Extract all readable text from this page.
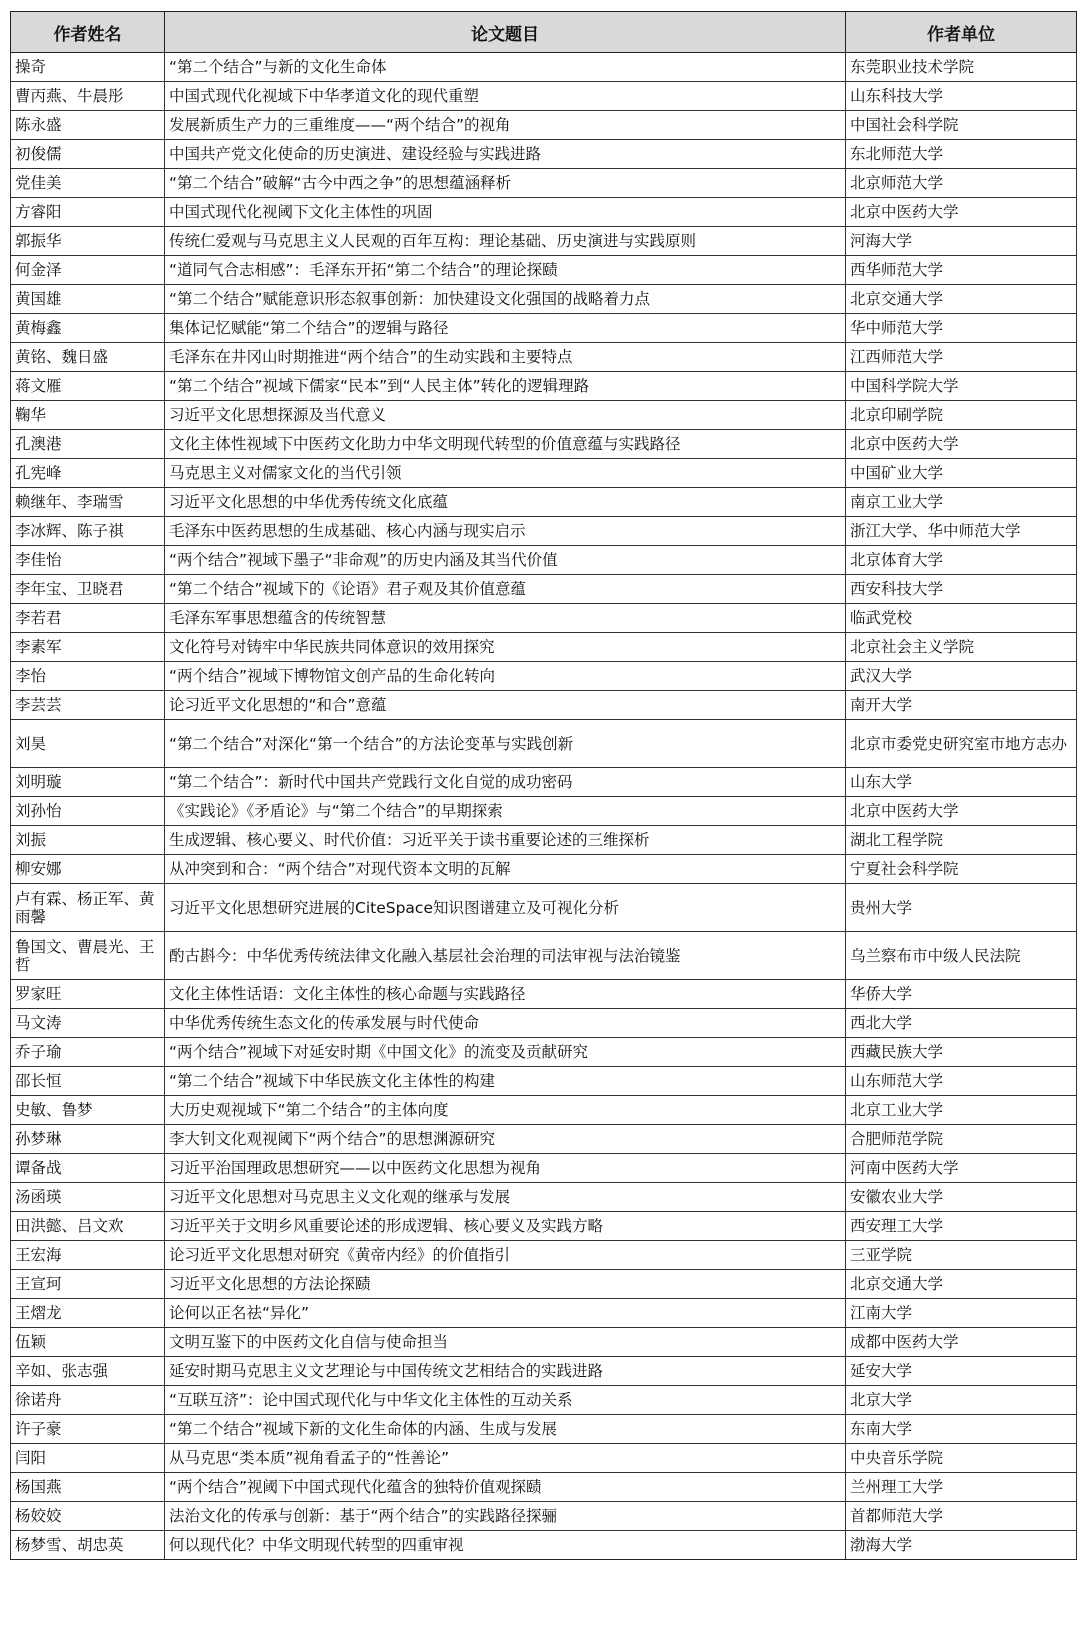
作者姓名	论文题目	作者单位
操奇	“第二个结合”与新的文化生命体	东莞职业技术学院
曹丙燕、牛晨彤	中国式现代化视域下中华孝道文化的现代重塑	山东科技大学
陈永盛	发展新质生产力的三重维度——“两个结合”的视角	中国社会科学院
初俊儒	中国共产党文化使命的历史演进、建设经验与实践进路	东北师范大学
党佳美	“第二个结合”破解“古今中西之争”的思想蕴涵释析	北京师范大学
方睿阳	中国式现代化视阈下文化主体性的巩固	北京中医药大学
郭振华	传统仁爱观与马克思主义人民观的百年互构：理论基础、历史演进与实践原则	河海大学
何金泽	“道同气合志相感”：毛泽东开拓“第二个结合”的理论探赜	西华师范大学
黄国雄	“第二个结合”赋能意识形态叙事创新：加快建设文化强国的战略着力点	北京交通大学
黄梅鑫	集体记忆赋能“第二个结合”的逻辑与路径	华中师范大学
黄铭、魏日盛	毛泽东在井冈山时期推进“两个结合”的生动实践和主要特点	江西师范大学
蒋文雁	“第二个结合”视域下儒家“民本”到“人民主体”转化的逻辑理路	中国科学院大学
鞠华	习近平文化思想探源及当代意义	北京印刷学院
孔澳港	文化主体性视域下中医药文化助力中华文明现代转型的价值意蕴与实践路径	北京中医药大学
孔宪峰	马克思主义对儒家文化的当代引领	中国矿业大学
赖继年、李瑞雪	习近平文化思想的中华优秀传统文化底蕴	南京工业大学
李冰辉、陈子祺	毛泽东中医药思想的生成基础、核心内涵与现实启示	浙江大学、华中师范大学
李佳怡	“两个结合”视域下墨子“非命观”的历史内涵及其当代价值	北京体育大学
李年宝、卫晓君	“第二个结合”视域下的《论语》君子观及其价值意蕴	西安科技大学
李若君	毛泽东军事思想蕴含的传统智慧	临武党校
李素军	文化符号对铸牢中华民族共同体意识的效用探究	北京社会主义学院
李怡	“两个结合”视域下博物馆文创产品的生命化转向	武汉大学
李芸芸	论习近平文化思想的“和合”意蕴	南开大学

刘昊	“第二个结合”对深化“第一个结合”的方法论变革与实践创新	北京市委党史研究室市地方志办

刘明璇	“第二个结合”：新时代中国共产党践行文化自觉的成功密码	山东大学
刘孙怡	《实践论》《矛盾论》与“第二个结合”的早期探索	北京中医药大学
刘振	生成逻辑、核心要义、时代价值：习近平关于读书重要论述的三维探析	湖北工程学院
柳安娜	从冲突到和合：“两个结合”对现代资本文明的瓦解	宁夏社会科学院

卢有霖、杨正军、黄雨馨	习近平文化思想研究进展的CiteSpace知识图谱建立及可视化分析	贵州大学

鲁国文、曹晨光、王哲	酌古斟今：中华优秀传统法律文化融入基层社会治理的司法审视与法治镜鉴	乌兰察布市中级人民法院

罗家旺	文化主体性话语：文化主体性的核心命题与实践路径	华侨大学
马文涛	中华优秀传统生态文化的传承发展与时代使命	西北大学
乔子瑜	“两个结合”视域下对延安时期《中国文化》的流变及贡献研究	西藏民族大学
邵长恒	“第二个结合”视域下中华民族文化主体性的构建	山东师范大学
史敏、鲁梦	大历史观视域下“第二个结合”的主体向度	北京工业大学
孙梦琳	李大钊文化观视阈下“两个结合”的思想渊源研究	合肥师范学院
谭备战	习近平治国理政思想研究——以中医药文化思想为视角	河南中医药大学
汤函瑛	习近平文化思想对马克思主义文化观的继承与发展	安徽农业大学
田洪懿、吕文欢	习近平关于文明乡风重要论述的形成逻辑、核心要义及实践方略	西安理工大学
王宏海	论习近平文化思想对研究《黄帝内经》的价值指引	三亚学院
王宣珂	习近平文化思想的方法论探赜	北京交通大学
王熠龙	论何以正名祛“异化”	江南大学
伍颖	文明互鉴下的中医药文化自信与使命担当	成都中医药大学
辛如、张志强	延安时期马克思主义文艺理论与中国传统文艺相结合的实践进路	延安大学
徐诺舟	“互联互济”：论中国式现代化与中华文化主体性的互动关系	北京大学
许子豪	“第二个结合”视域下新的文化生命体的内涵、生成与发展	东南大学
闫阳	从马克思“类本质”视角看孟子的“性善论”	中央音乐学院
杨国燕	“两个结合”视阈下中国式现代化蕴含的独特价值观探赜	兰州理工大学
杨姣姣	法治文化的传承与创新：基于“两个结合”的实践路径探骊	首都师范大学
杨梦雪、胡忠英	何以现代化？中华文明现代转型的四重审视	渤海大学
